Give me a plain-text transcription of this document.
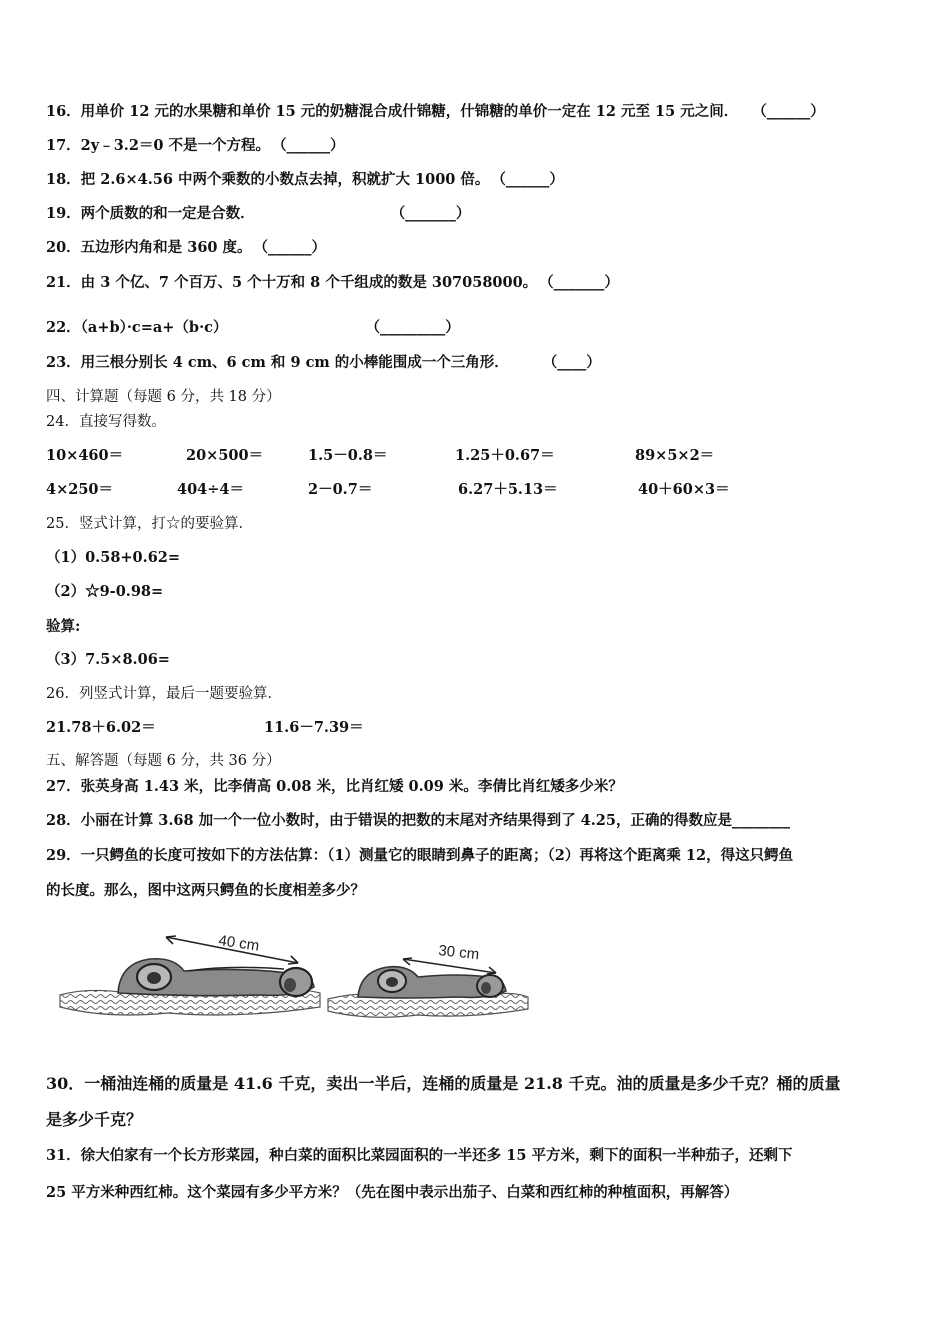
16．用单价 12 元的水果糖和单价 15 元的奶糖混合成什锦糖，什锦糖的单价一定在 12 元至 15 元之间． （______）
17．2y﹣3.2＝0 不是一个方程。 （______）
18．把 2.6×4.56 中两个乘数的小数点去掉，积就扩大 1000 倍。 （______）
19．两个质数的和一定是合数．	（_______）
20．五边形内角和是 360 度。 （______）
21．由 3 个亿、7 个百万、5 个十万和 8 个千组成的数是 307058000。 （_______）
22．（a+b）·c=a+（b·c）	（_________）
23．用三根分别长 4 cm、6 cm 和 9 cm 的小棒能围成一个三角形． （____）
四、计算题（每题 6 分，共 18 分）
24．直接写得数。
10×460＝	20×500＝	1.5－0.8＝	1.25＋0.67＝	89×5×2＝
4×250＝	404÷4＝	2－0.7＝	6.27＋5.13＝	40＋60×3＝
25．竖式计算，打☆的要验算．
（1）0.58+0.62=
（2）☆9-0.98=
验算:
（3）7.5×8.06=
26．列竖式计算，最后一题要验算．
21.78＋6.02＝	11.6－7.39＝
五、解答题（每题 6 分，共 36 分）
27．张英身高 1.43 米，比李倩高 0.08 米，比肖红矮 0.09 米。李倩比肖红矮多少米？
28．小丽在计算 3.68 加一个一位小数时，由于错误的把数的末尾对齐结果得到了 4.25，正确的得数应是________
29．一只鳄鱼的长度可按如下的方法估算：（1）测量它的眼睛到鼻子的距离；（2）再将这个距离乘 12，得这只鳄鱼
的长度。那么，图中这两只鳄鱼的长度相差多少？
40 cm	30 cm
30．一桶油连桶的质量是 41.6 千克，卖出一半后，连桶的质量是 21.8 千克。油的质量是多少千克？桶的质量
是多少千克？
31．徐大伯家有一个长方形菜园，种白菜的面积比菜园面积的一半还多 15 平方米，剩下的面积一半种茄子，还剩下
25 平方米种西红柿。这个菜园有多少平方米？（先在图中表示出茄子、白菜和西红柿的种植面积，再解答）
